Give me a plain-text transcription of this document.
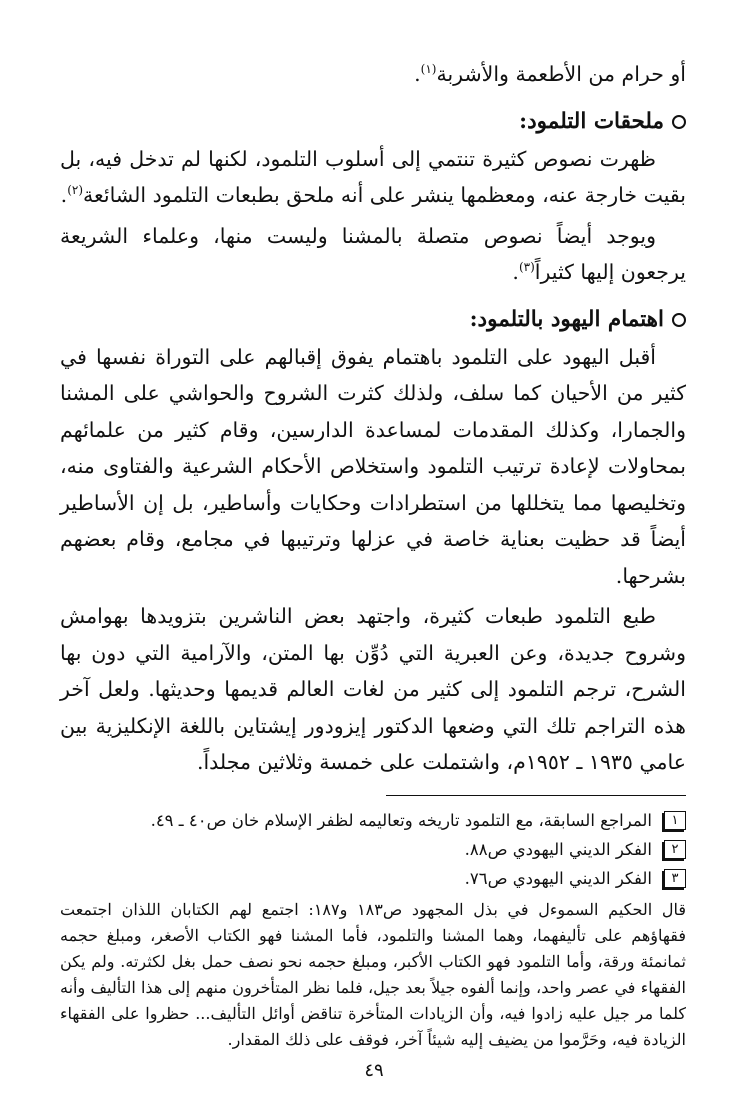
أو حرام من الأطعمة والأشربة$^{(١)}$.

ملحقات التلمود:

ظهرت نصوص كثيرة تنتمي إلى أسلوب التلمود، لكنها لم تدخل فيه، بل بقيت خارجة عنه، ومعظمها ينشر على أنه ملحق بطبعات التلمود الشائعة$^{(٢)}$.

ويوجد أيضاً نصوص متصلة بالمشنا وليست منها، وعلماء الشريعة يرجعون إليها كثيراً$^{(٣)}$.

اهتمام اليهود بالتلمود:

أقبل اليهود على التلمود باهتمام يفوق إقبالهم على التوراة نفسها في كثير من الأحيان كما سلف، ولذلك كثرت الشروح والحواشي على المشنا والجمارا، وكذلك المقدمات لمساعدة الدارسين، وقام كثير من علمائهم بمحاولات لإعادة ترتيب التلمود واستخلاص الأحكام الشرعية والفتاوى منه، وتخليصها مما يتخللها من استطرادات وحكايات وأساطير، بل إن الأساطير أيضاً قد حظيت بعناية خاصة في عزلها وترتيبها في مجامع، وقام بعضهم بشرحها.

طبع التلمود طبعات كثيرة، واجتهد بعض الناشرين بتزويدها بهوامش وشروح جديدة، وعن العبرية التي دُوِّن بها المتن، والآرامية التي دون بها الشرح، ترجم التلمود إلى كثير من لغات العالم قديمها وحديثها. ولعل آخر هذه التراجم تلك التي وضعها الدكتور إيزودور إيشتاين باللغة الإنكليزية بين عامي ١٩٣٥ ـ ١٩٥٢م، واشتملت على خمسة وثلاثين مجلداً.

١
المراجع السابقة، مع التلمود تاريخه وتعاليمه لظفر الإسلام خان ص٤٠ ـ ٤٩.
٢
الفكر الديني اليهودي ص٨٨.
٣
الفكر الديني اليهودي ص٧٦.

قال الحكيم السموءل في بذل المجهود ص١٨٣ و١٨٧: اجتمع لهم الكتابان اللذان اجتمعت فقهاؤهم على تأليفهما، وهما المشنا والتلمود، فأما المشنا فهو الكتاب الأصغر، ومبلغ حجمه ثمانمئة ورقة، وأما التلمود فهو الكتاب الأكبر، ومبلغ حجمه نحو نصف حمل بغل لكثرته. ولم يكن الفقهاء في عصر واحد، وإنما ألفوه جيلاً بعد جيل، فلما نظر المتأخرون منهم إلى هذا التأليف وأنه كلما مر جيل عليه زادوا فيه، وأن الزيادات المتأخرة تناقض أوائل التأليف... حظروا على الفقهاء الزيادة فيه، وحَرَّموا من يضيف إليه شيئاً آخر، فوقف على ذلك المقدار.

٤٩
